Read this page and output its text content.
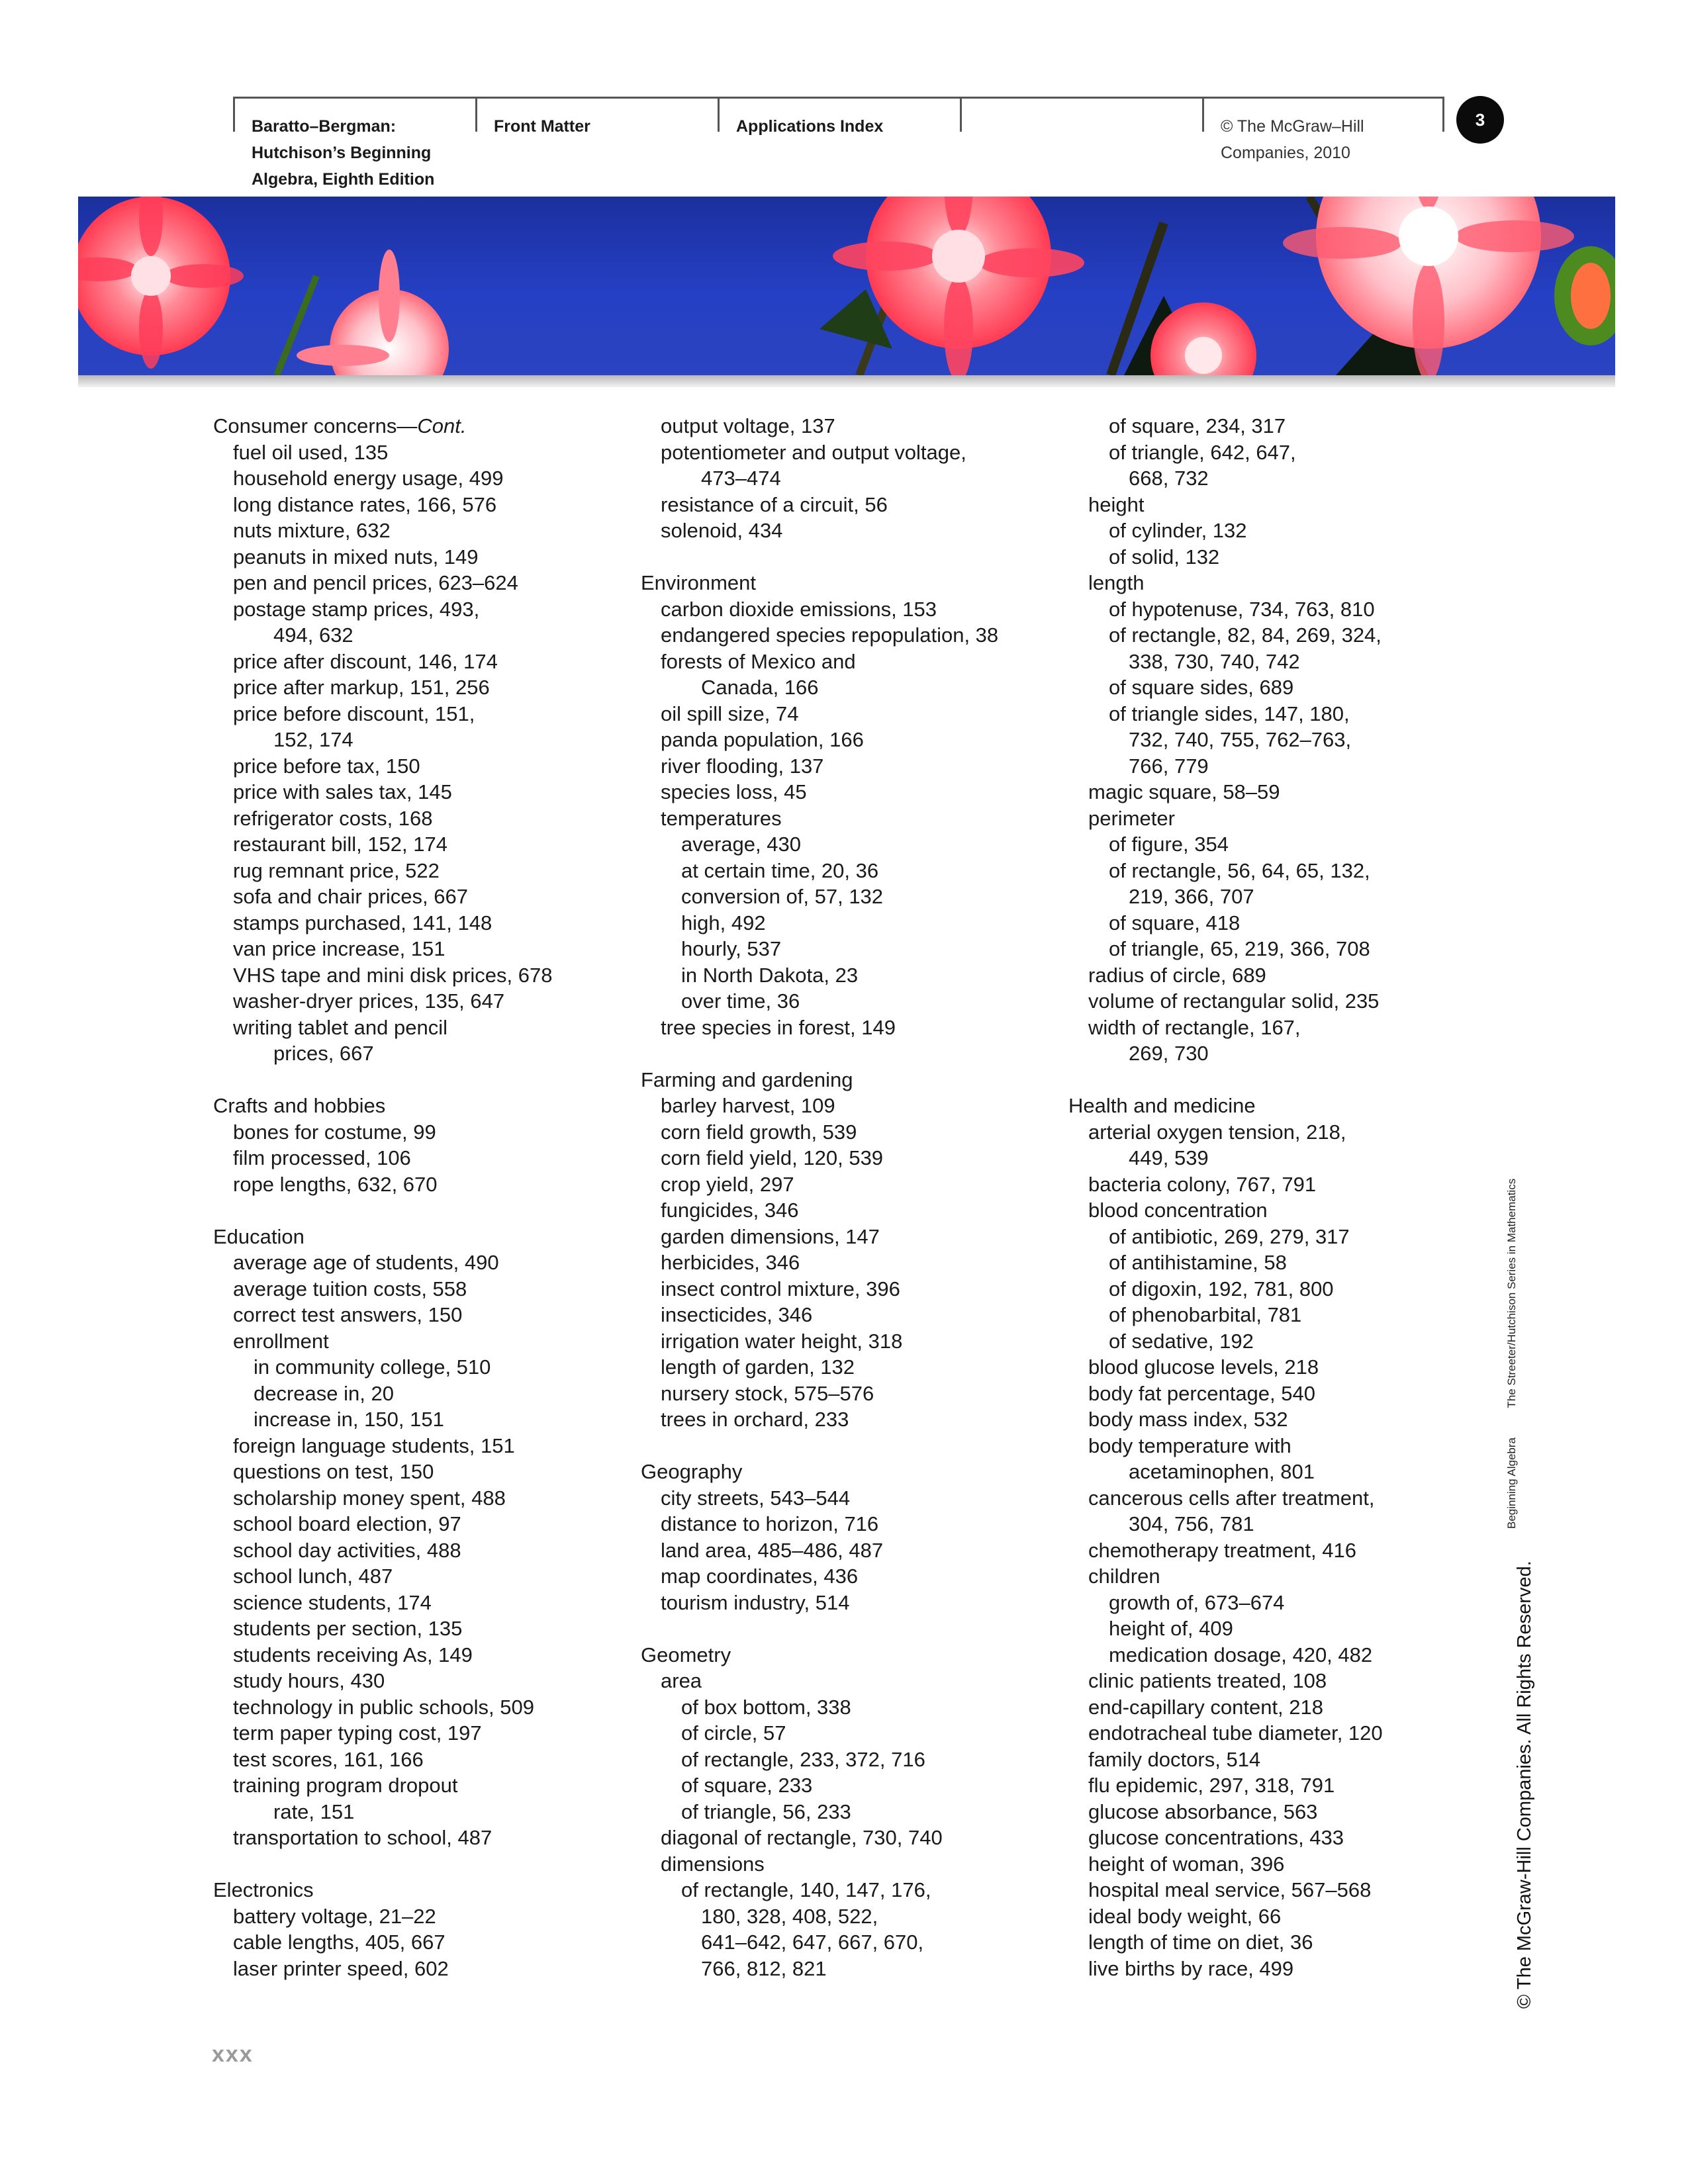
Baratto–Bergman:
Hutchison’s Beginning
Algebra, Eighth Edition
Front Matter	Applications Index	© The McGraw–Hill
Companies, 2010
3
Consumer concerns—Cont.
fuel oil used, 135
household energy usage, 499
long distance rates, 166, 576
nuts mixture, 632
peanuts in mixed nuts, 149
pen and pencil prices, 623–624
postage stamp prices, 493,
494, 632
price after discount, 146, 174
price after markup, 151, 256
price before discount, 151,
152, 174
price before tax, 150
price with sales tax, 145
refrigerator costs, 168
restaurant bill, 152, 174
rug remnant price, 522
sofa and chair prices, 667
stamps purchased, 141, 148
van price increase, 151
VHS tape and mini disk prices, 678
washer-dryer prices, 135, 647
writing tablet and pencil
prices, 667
Crafts and hobbies
bones for costume, 99
film processed, 106
rope lengths, 632, 670
Education
average age of students, 490
average tuition costs, 558
correct test answers, 150
enrollment
in community college, 510
decrease in, 20
increase in, 150, 151
foreign language students, 151
questions on test, 150
scholarship money spent, 488
school board election, 97
school day activities, 488
school lunch, 487
science students, 174
students per section, 135
students receiving As, 149
study hours, 430
technology in public schools, 509
term paper typing cost, 197
test scores, 161, 166
training program dropout
rate, 151
transportation to school, 487
Electronics
battery voltage, 21–22
cable lengths, 405, 667
laser printer speed, 602
output voltage, 137
potentiometer and output voltage,
473–474
resistance of a circuit, 56
solenoid, 434
Environment
carbon dioxide emissions, 153
endangered species repopulation, 38
forests of Mexico and
Canada, 166
oil spill size, 74
panda population, 166
river flooding, 137
species loss, 45
temperatures
average, 430
at certain time, 20, 36
conversion of, 57, 132
high, 492
hourly, 537
in North Dakota, 23
over time, 36
tree species in forest, 149
Farming and gardening
barley harvest, 109
corn field growth, 539
corn field yield, 120, 539
crop yield, 297
fungicides, 346
garden dimensions, 147
herbicides, 346
insect control mixture, 396
insecticides, 346
irrigation water height, 318
length of garden, 132
nursery stock, 575–576
trees in orchard, 233
Geography
city streets, 543–544
distance to horizon, 716
land area, 485–486, 487
map coordinates, 436
tourism industry, 514
Geometry
area
of box bottom, 338
of circle, 57
of rectangle, 233, 372, 716
of square, 233
of triangle, 56, 233
diagonal of rectangle, 730, 740
dimensions
of rectangle, 140, 147, 176,
180, 328, 408, 522,
641–642, 647, 667, 670,
766, 812, 821
of square, 234, 317
of triangle, 642, 647,
668, 732
height
of cylinder, 132
of solid, 132
length
of hypotenuse, 734, 763, 810
of rectangle, 82, 84, 269, 324,
338, 730, 740, 742
of square sides, 689
of triangle sides, 147, 180,
732, 740, 755, 762–763,
766, 779
magic square, 58–59
perimeter
of figure, 354
of rectangle, 56, 64, 65, 132,
219, 366, 707
of square, 418
of triangle, 65, 219, 366, 708
radius of circle, 689
volume of rectangular solid, 235
width of rectangle, 167,
269, 730
Health and medicine
arterial oxygen tension, 218,
449, 539
bacteria colony, 767, 791
blood concentration
of antibiotic, 269, 279, 317
of antihistamine, 58
of digoxin, 192, 781, 800
of phenobarbital, 781
of sedative, 192
blood glucose levels, 218
body fat percentage, 540
body mass index, 532
body temperature with
acetaminophen, 801
cancerous cells after treatment,
304, 756, 781
chemotherapy treatment, 416
children
growth of, 673–674
height of, 409
medication dosage, 420, 482
clinic patients treated, 108
end-capillary content, 218
endotracheal tube diameter, 120
family doctors, 514
flu epidemic, 297, 318, 791
glucose absorbance, 563
glucose concentrations, 433
height of woman, 396
hospital meal service, 567–568
ideal body weight, 66
length of time on diet, 36
live births by race, 499
xxx
Beginning Algebra The Streeter/Hutchison Series in Mathematics
© The McGraw-Hill Companies. All Rights Reserved.
